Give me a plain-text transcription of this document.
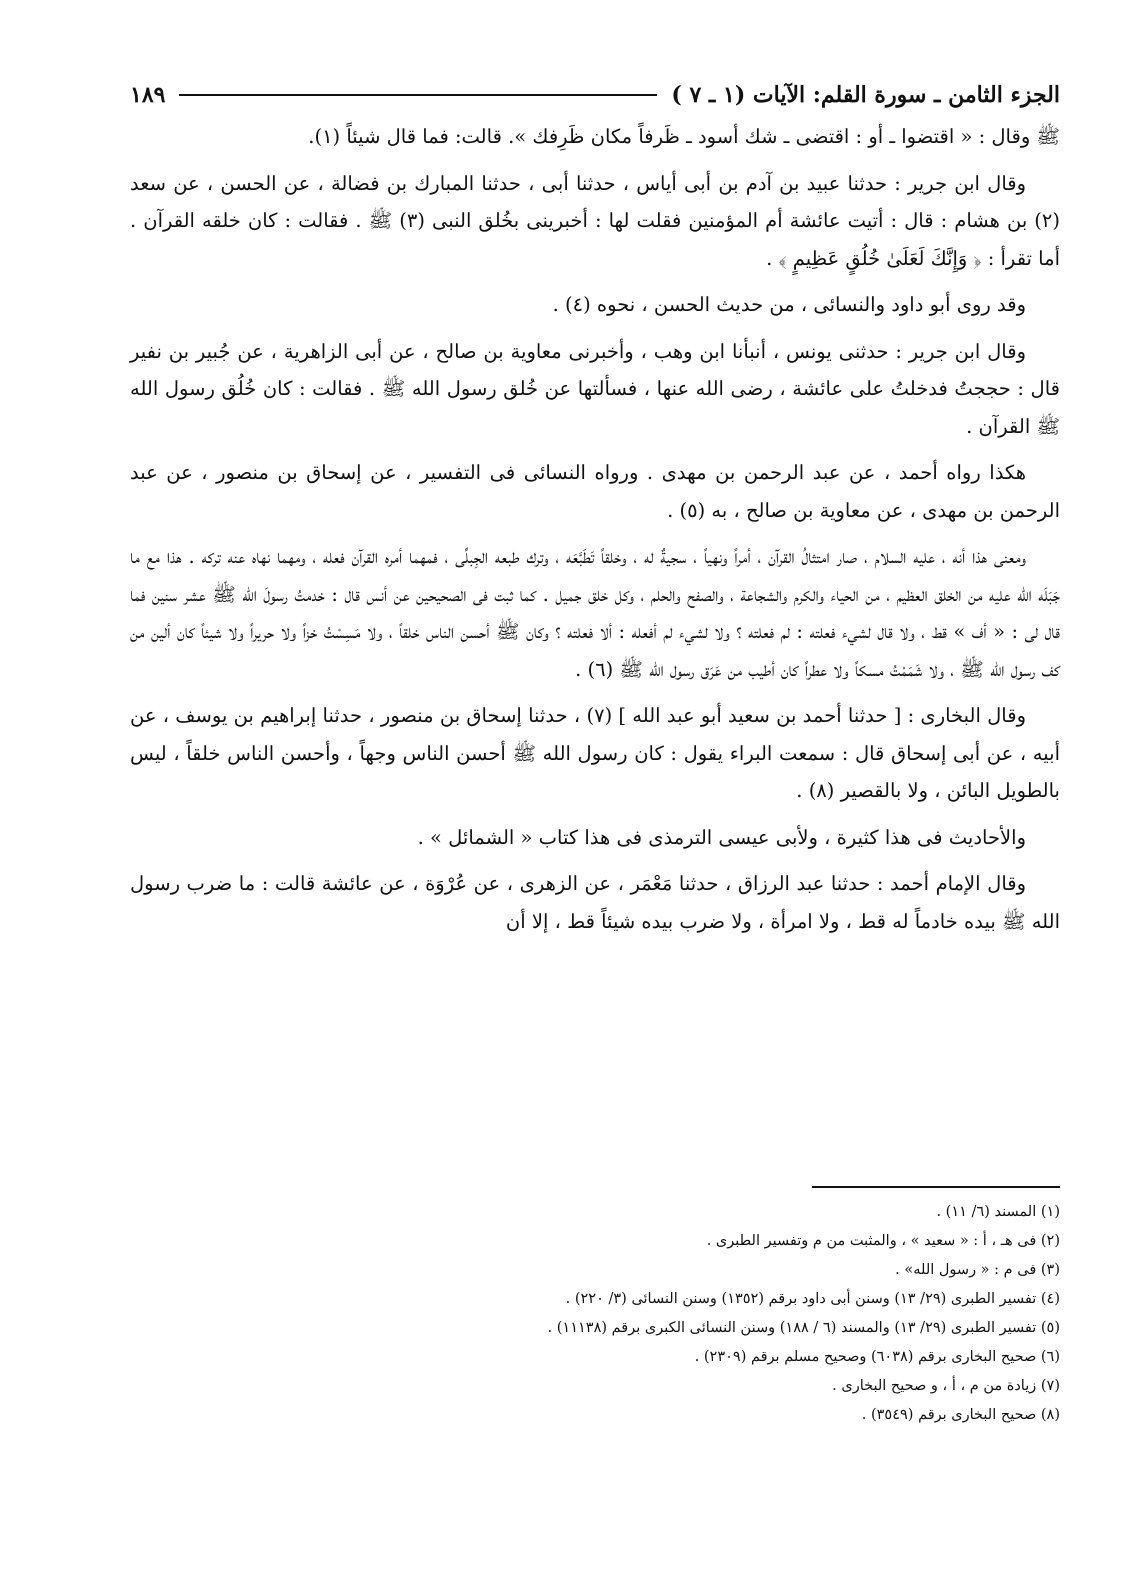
الجزء الثامن ـ سورة القلم: الآيات (١ ـ ٧ )
١٨٩

ﷺ وقال : « اقتضوا ـ أو : اقتضى ـ شك أسود ـ ظَرفاً مكان ظَرِفك ». قالت: فما قال شيئاً (١).

وقال ابن جرير : حدثنا عبيد بن آدم بن أبى أياس ، حدثنا أبى ، حدثنا المبارك بن فضالة ، عن الحسن ، عن سعد (٢) بن هشام : قال : أتيت عائشة أم المؤمنين فقلت لها : أخبرينى بخُلق النبى (٣) ﷺ . فقالت : كان خلقه القرآن . أما تقرأ : ﴿ وَإِنَّكَ لَعَلَىٰ خُلُقٍ عَظِيمٍ ﴾ .

وقد روى أبو داود والنسائى ، من حديث الحسن ، نحوه (٤) .

وقال ابن جرير : حدثنى يونس ، أنبأنا ابن وهب ، وأخبرنى معاوية بن صالح ، عن أبى الزاهرية ، عن جُبير بن نفير قال : حججتُ فدخلتُ على عائشة ، رضى الله عنها ، فسألتها عن خُلق رسول الله ﷺ . فقالت : كان خُلُق رسول الله ﷺ القرآن .

هكذا رواه أحمد ، عن عبد الرحمن بن مهدى . ورواه النسائى فى التفسير ، عن إسحاق بن منصور ، عن عبد الرحمن بن مهدى ، عن معاوية بن صالح ، به (٥) .

ومعنى هذا أنه ، عليه السلام ، صار امتثالُ القرآن ، أمراً ونهياً ، سجيةٌ له ، وخلقاً تَطَبَّعَه ، وترك طبعه الجِبلِّى ، فمهما أمره القرآن فعله ، ومهما نهاه عنه تركه . هذا مع ما جَبَلَه الله عليه من الخلق العظيم ، من الحياء والكرم والشجاعة ، والصفح والحلم ، وكل خلق جميل . كما ثبت فى الصحيحين عن أنس قال : خدمتُ رسولَ الله ﷺ عشر سنين فما قال لى : « أف » قط ، ولا قال لشيء فعلته : لم فعلته ؟ ولا لشيء لم أفعله : ألا فعلته ؟ وكان ﷺ أحسن الناس خلقاً ، ولا مَسِسْتُ خزاً ولا حريراً ولا شيئاً كان ألين من كف رسول الله ﷺ ، ولا شَمَمْتُ مسكاً ولا عطراً كان أطيب من عَرَق رسول الله ﷺ (٦) .

وقال البخارى : [ حدثنا أحمد بن سعيد أبو عبد الله ] (٧) ، حدثنا إسحاق بن منصور ، حدثنا إبراهيم بن يوسف ، عن أبيه ، عن أبى إسحاق قال : سمعت البراء يقول : كان رسول الله ﷺ أحسن الناس وجهاً ، وأحسن الناس خلقاً ، ليس بالطويل البائن ، ولا بالقصير (٨) .

والأحاديث فى هذا كثيرة ، ولأبى عيسى الترمذى فى هذا كتاب « الشمائل » .

وقال الإمام أحمد : حدثنا عبد الرزاق ، حدثنا مَعْمَر ، عن الزهرى ، عن عُرْوَة ، عن عائشة قالت : ما ضرب رسول الله ﷺ بيده خادماً له قط ، ولا امرأة ، ولا ضرب بيده شيئاً قط ، إلا أن

(١) المسند (٦/ ١١) .

(٢) فى هـ ، أ : « سعيد » ، والمثبت من م وتفسير الطبرى .

(٣) فى م : « رسول الله» .

(٤) تفسير الطبرى (٢٩/ ١٣) وسنن أبى داود برقم (١٣٥٢) وسنن النسائى (٣/ ٢٢٠) .

(٥) تفسير الطبرى (٢٩/ ١٣) والمسند (٦ / ١٨٨) وسنن النسائى الكبرى برقم (١١١٣٨) .

(٦) صحيح البخارى برقم (٦٠٣٨) وصحيح مسلم برقم (٢٣٠٩) .

(٧) زيادة من م ، أ ، و صحيح البخارى .

(٨) صحيح البخارى برقم (٣٥٤٩) .
